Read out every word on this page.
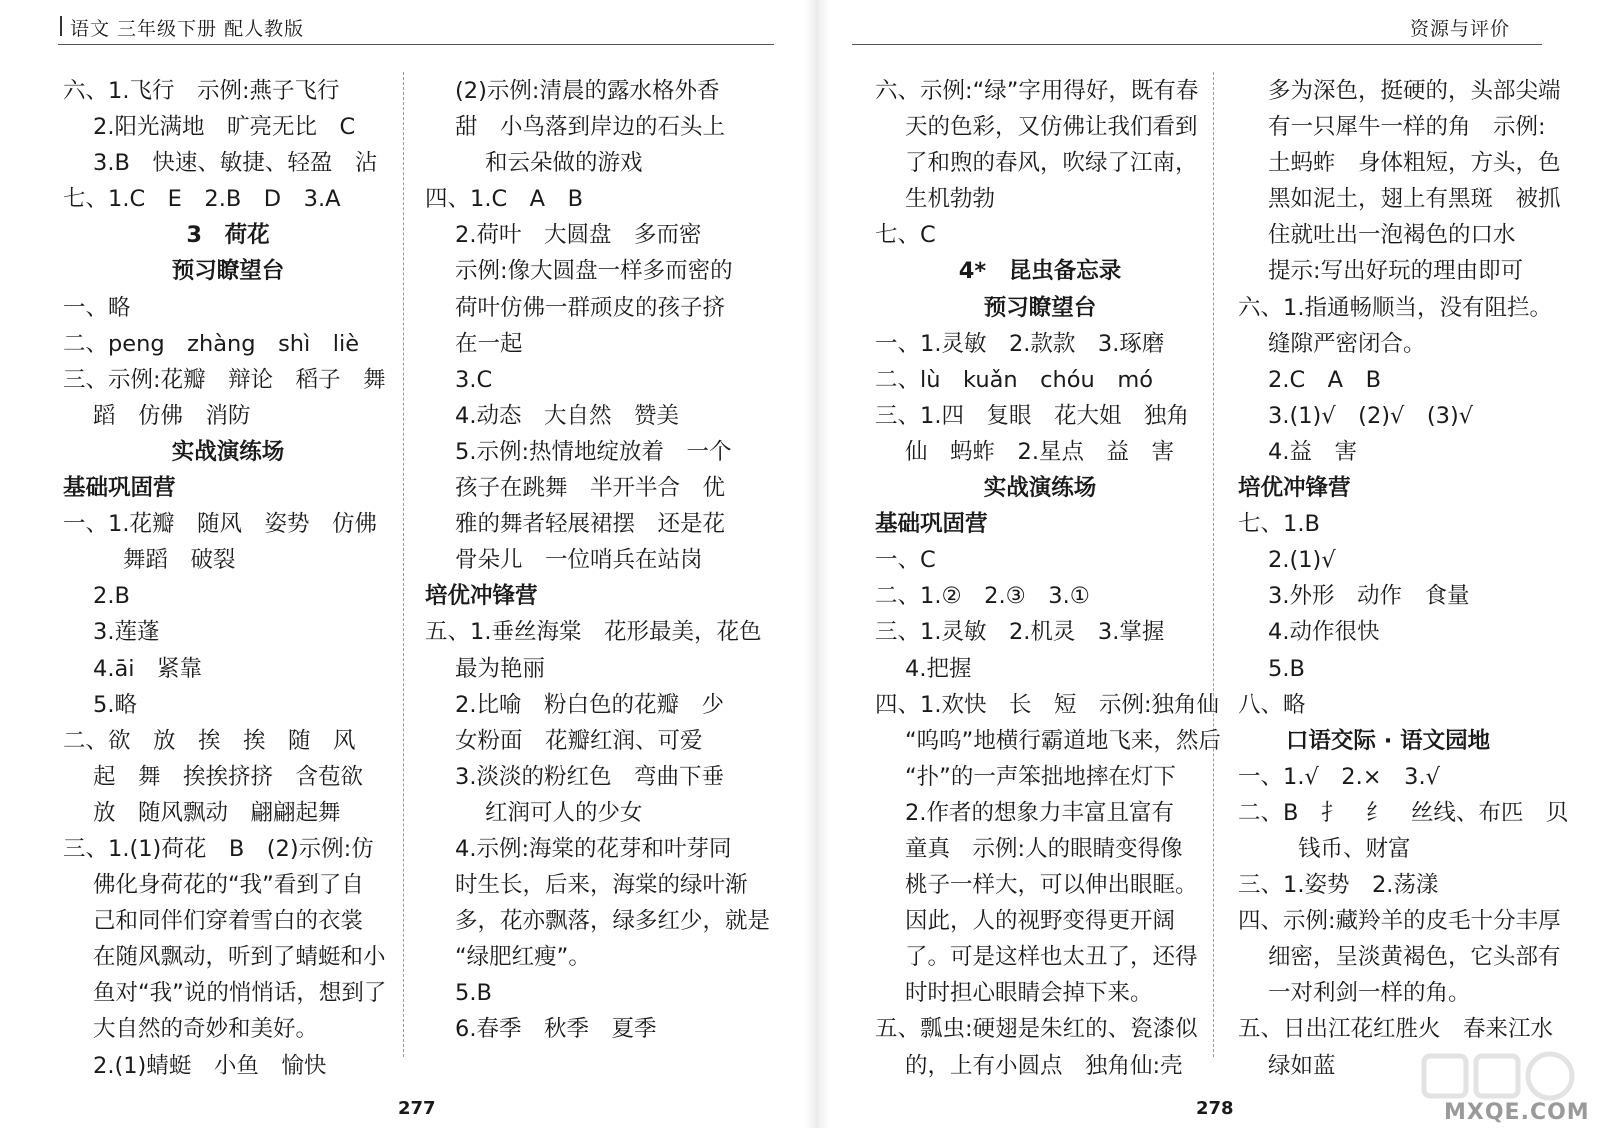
语文 三年级下册 配人教版	资源与评价
六、1.飞行　示例:燕子飞行
2.阳光满地　旷亮无比　C
3.B　快速、敏捷、轻盈　沾
七、1.C　E　2.B　D　3.A
3　荷花
预习瞭望台
一、略
二、peng　zhàng　shì　liè
三、示例:花瓣　辩论　稻子　舞
蹈　仿佛　消防
实战演练场
基础巩固营
一、1.花瓣　随风　姿势　仿佛
舞蹈　破裂
2.B
3.莲蓬
4.āi　紧靠
5.略
二、欲　放　挨　挨　随　风
起　舞　挨挨挤挤　含苞欲
放　随风飘动　翩翩起舞
三、1.(1)荷花　B　(2)示例:仿
佛化身荷花的“我”看到了自
己和同伴们穿着雪白的衣裳
在随风飘动，听到了蜻蜓和小
鱼对“我”说的悄悄话，想到了
大自然的奇妙和美好。
2.(1)蜻蜓　小鱼　愉快
(2)示例:清晨的露水格外香
甜　小鸟落到岸边的石头上
和云朵做的游戏
四、1.C　A　B
2.荷叶　大圆盘　多而密
示例:像大圆盘一样多而密的
荷叶仿佛一群顽皮的孩子挤
在一起
3.C
4.动态　大自然　赞美
5.示例:热情地绽放着　一个
孩子在跳舞　半开半合　优
雅的舞者轻展裙摆　还是花
骨朵儿　一位哨兵在站岗
培优冲锋营
五、1.垂丝海棠　花形最美，花色
最为艳丽
2.比喻　粉白色的花瓣　少
女粉面　花瓣红润、可爱
3.淡淡的粉红色　弯曲下垂
红润可人的少女
4.示例:海棠的花芽和叶芽同
时生长，后来，海棠的绿叶渐
多，花亦飘落，绿多红少，就是
“绿肥红瘦”。
5.B
6.春季　秋季　夏季
六、示例:“绿”字用得好，既有春
天的色彩，又仿佛让我们看到
了和煦的春风，吹绿了江南，
生机勃勃
七、C
4*　昆虫备忘录
预习瞭望台
一、1.灵敏　2.款款　3.琢磨
二、lù　kuǎn　chóu　mó
三、1.四　复眼　花大姐　独角
仙　蚂蚱　2.星点　益　害
实战演练场
基础巩固营
一、C
二、1.②　2.③　3.①
三、1.灵敏　2.机灵　3.掌握
4.把握
四、1.欢快　长　短　示例:独角仙
“呜呜”地横行霸道地飞来，然后
“扑”的一声笨拙地摔在灯下
2.作者的想象力丰富且富有
童真　示例:人的眼睛变得像
桃子一样大，可以伸出眼眶。
因此，人的视野变得更开阔
了。可是这样也太丑了，还得
时时担心眼睛会掉下来。
五、瓢虫:硬翅是朱红的、瓷漆似
的，上有小圆点　独角仙:壳
多为深色，挺硬的，头部尖端
有一只犀牛一样的角　示例:
土蚂蚱　身体粗短，方头，色
黑如泥土，翅上有黑斑　被抓
住就吐出一泡褐色的口水
提示:写出好玩的理由即可
六、1.指通畅顺当，没有阻拦。
缝隙严密闭合。
2.C　A　B
3.(1)√　(2)√　(3)√
4.益　害
培优冲锋营
七、1.B
2.(1)√
3.外形　动作　食量
4.动作很快
5.B
八、略
口语交际 · 语文园地
一、1.√　2.×　3.√
二、B　扌　纟　丝线、布匹　贝
钱币、财富
三、1.姿势　2.荡漾
四、示例:藏羚羊的皮毛十分丰厚
细密，呈淡黄褐色，它头部有
一对利剑一样的角。
五、日出江花红胜火　春来江水
绿如蓝
277	278	MXQE.COM
